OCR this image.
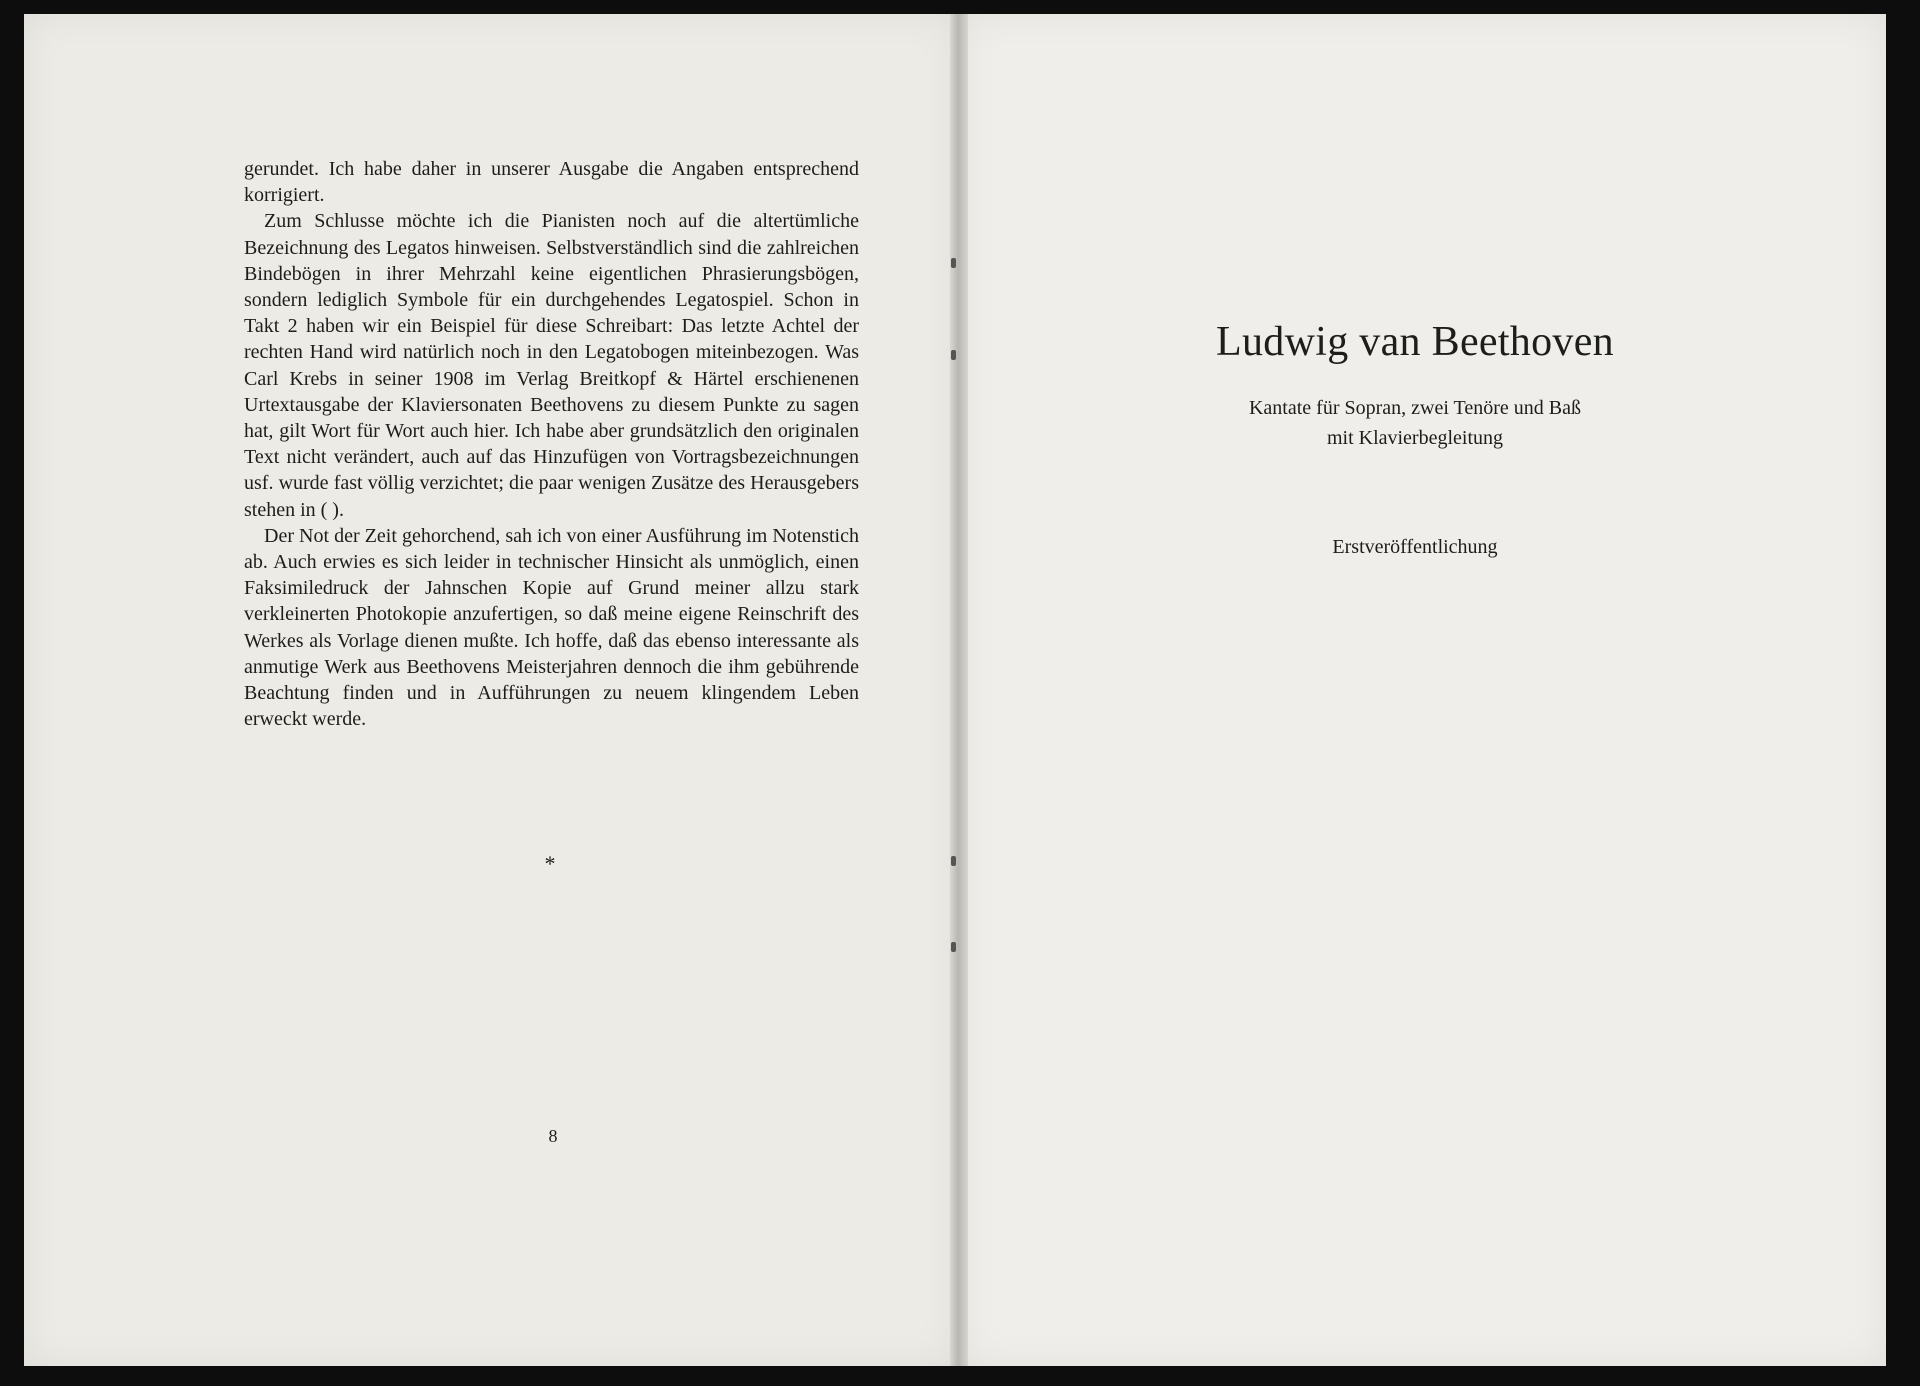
gerundet. Ich habe daher in unserer Ausgabe die Angaben entsprechend korrigiert.

Zum Schlusse möchte ich die Pianisten noch auf die altertümliche Bezeichnung des Legatos hinweisen. Selbstverständlich sind die zahlreichen Bindebögen in ihrer Mehrzahl keine eigentlichen Phrasierungsbögen, sondern lediglich Symbole für ein durchgehendes Legatospiel. Schon in Takt 2 haben wir ein Beispiel für diese Schreibart: Das letzte Achtel der rechten Hand wird natürlich noch in den Legatobogen miteinbezogen. Was Carl Krebs in seiner 1908 im Verlag Breitkopf & Härtel erschienenen Urtextausgabe der Klaviersonaten Beethovens zu diesem Punkte zu sagen hat, gilt Wort für Wort auch hier. Ich habe aber grundsätzlich den originalen Text nicht verändert, auch auf das Hinzufügen von Vortragsbezeichnungen usf. wurde fast völlig verzichtet; die paar wenigen Zusätze des Herausgebers stehen in ( ).

Der Not der Zeit gehorchend, sah ich von einer Ausführung im Notenstich ab. Auch erwies es sich leider in technischer Hinsicht als unmöglich, einen Faksimiledruck der Jahnschen Kopie auf Grund meiner allzu stark verkleinerten Photokopie anzufertigen, so daß meine eigene Reinschrift des Werkes als Vorlage dienen mußte. Ich hoffe, daß das ebenso interessante als anmutige Werk aus Beethovens Meisterjahren dennoch die ihm gebührende Beachtung finden und in Aufführungen zu neuem klingendem Leben erweckt werde.

*
8
Ludwig van Beethoven
Kantate für Sopran, zwei Tenöre und Baß
mit Klavierbegleitung
Erstveröffentlichung
